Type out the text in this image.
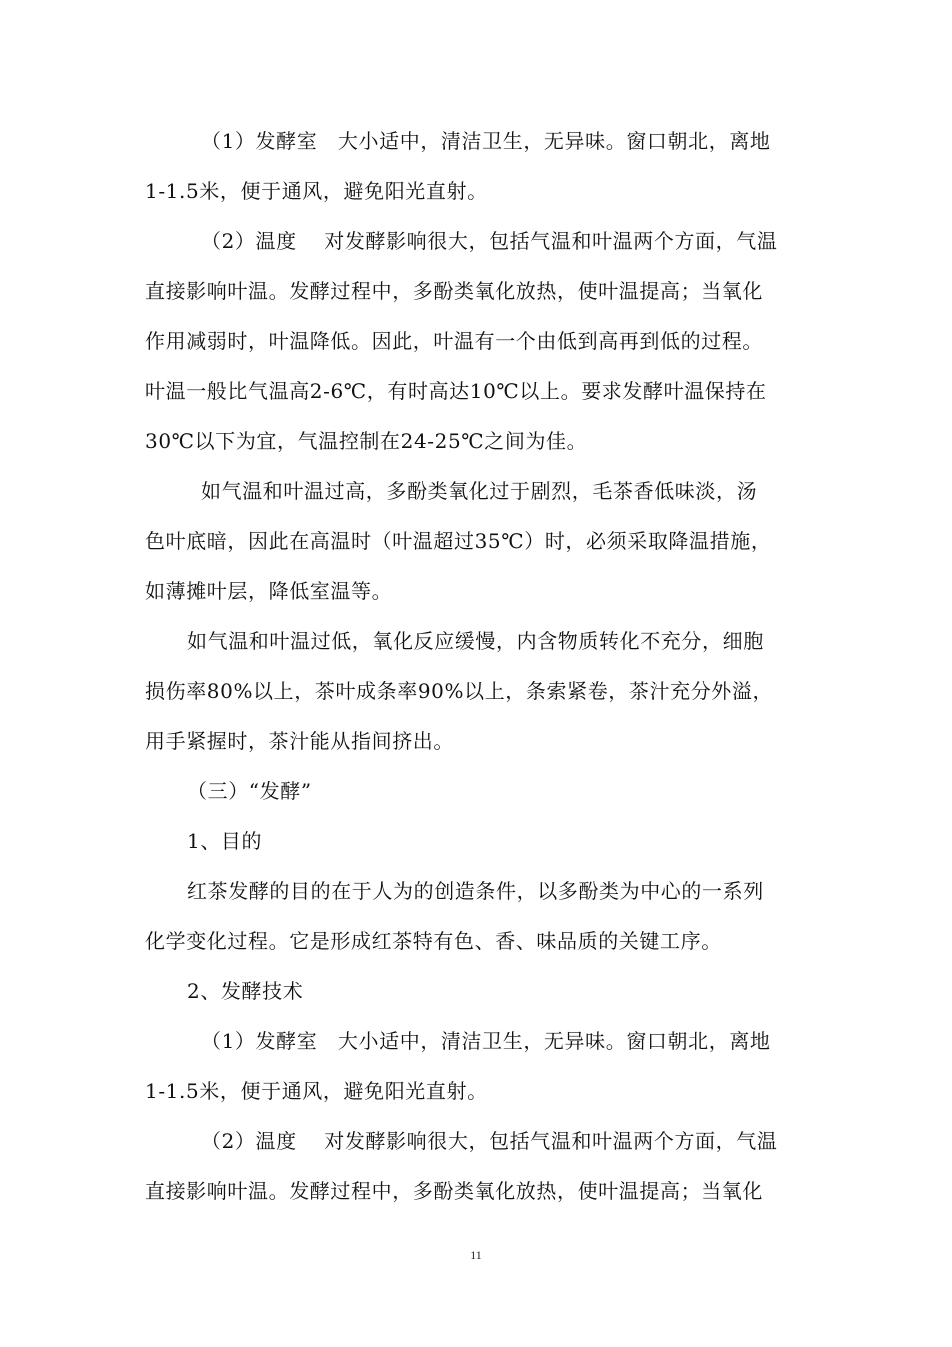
（1）发酵室　大小适中，清洁卫生，无异味。窗口朝北，离地
1-1.5米，便于通风，避免阳光直射。
（2）温度　 对发酵影响很大，包括气温和叶温两个方面，气温
直接影响叶温。发酵过程中，多酚类氧化放热，使叶温提高；当氧化
作用减弱时，叶温降低。因此，叶温有一个由低到高再到低的过程。
叶温一般比气温高2-6℃，有时高达10℃以上。要求发酵叶温保持在
30℃以下为宜，气温控制在24-25℃之间为佳。
如气温和叶温过高，多酚类氧化过于剧烈，毛茶香低味淡，汤
色叶底暗，因此在高温时（叶温超过35℃）时，必须采取降温措施，
如薄摊叶层，降低室温等。
如气温和叶温过低，氧化反应缓慢，内含物质转化不充分，细胞
损伤率80%以上，茶叶成条率90%以上，条索紧卷，茶汁充分外溢，
用手紧握时，茶汁能从指间挤出。
（三）“发酵”
1、目的
红茶发酵的目的在于人为的创造条件，以多酚类为中心的一系列
化学变化过程。它是形成红茶特有色、香、味品质的关键工序。
2、发酵技术
（1）发酵室　大小适中，清洁卫生，无异味。窗口朝北，离地
1-1.5米，便于通风，避免阳光直射。
（2）温度　 对发酵影响很大，包括气温和叶温两个方面，气温
直接影响叶温。发酵过程中，多酚类氧化放热，使叶温提高；当氧化
11
